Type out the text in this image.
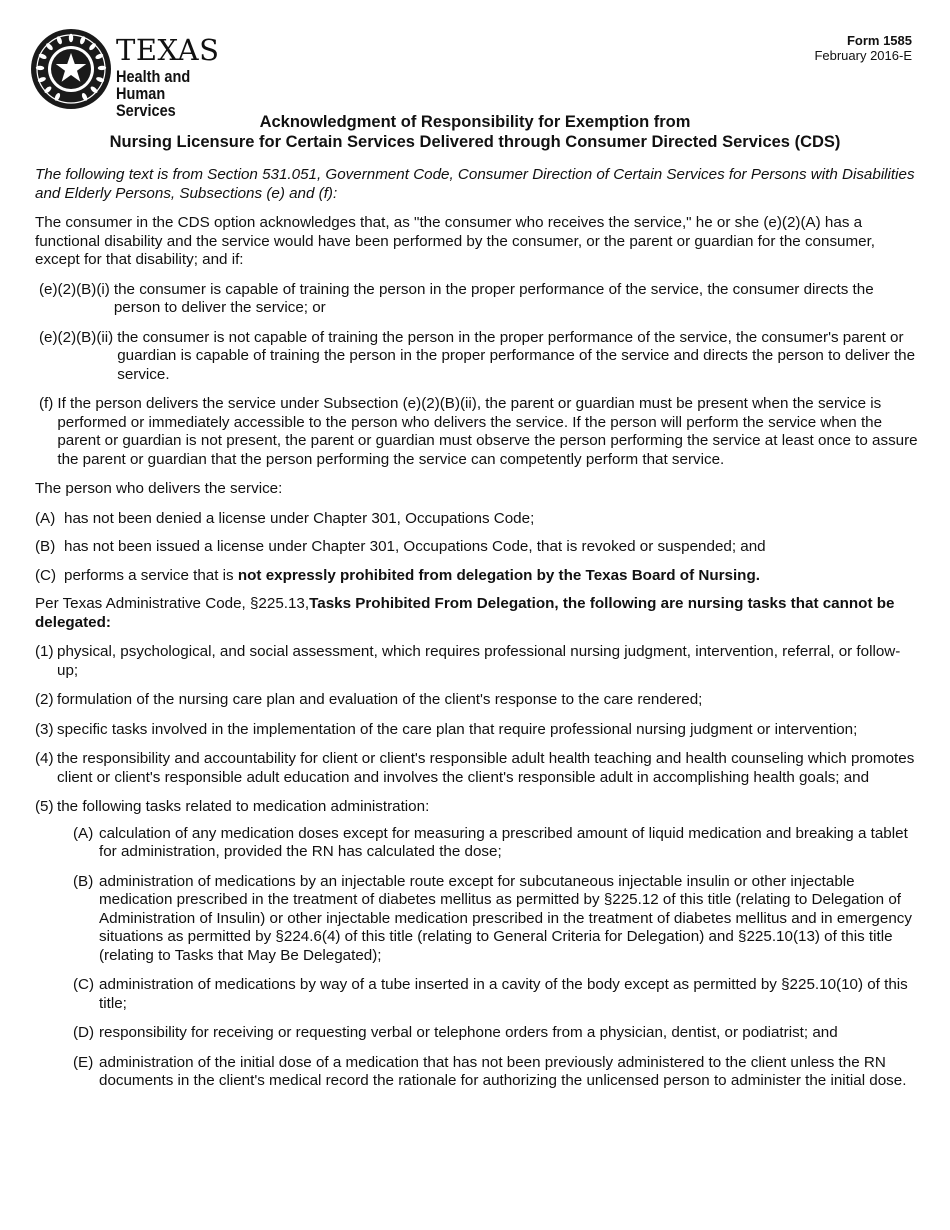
TEXAS
Health and Human
Services
Form 1585
February 2016-E
Acknowledgment of Responsibility for Exemption from
Nursing Licensure for Certain Services Delivered through Consumer Directed Services (CDS)

The following text is from Section 531.051, Government Code, Consumer Direction of Certain Services for Persons with Disabilities and Elderly Persons, Subsections (e) and (f):

The consumer in the CDS option acknowledges that, as "the consumer who receives the service," he or she (e)(2)(A) has a functional disability and the service would have been performed by the consumer, or the parent or guardian for the consumer, except for that disability; and if:

(e)(2)(B)(i) the consumer is capable of training the person in the proper performance of the service, the consumer directs the person to deliver the service; or
(e)(2)(B)(ii) the consumer is not capable of training the person in the proper performance of the service, the consumer's parent or guardian is capable of training the person in the proper performance of the service and directs the person to deliver the service.
(f) If the person delivers the service under Subsection (e)(2)(B)(ii), the parent or guardian must be present when the service is performed or immediately accessible to the person who delivers the service. If the person will perform the service when the parent or guardian is not present, the parent or guardian must observe the person performing the service at least once to assure the parent or guardian that the person performing the service can competently perform that service.

The person who delivers the service:

(A) has not been denied a license under Chapter 301, Occupations Code;
(B) has not been issued a license under Chapter 301, Occupations Code, that is revoked or suspended; and
(C) performs a service that is not expressly prohibited from delegation by the Texas Board of Nursing.

Per Texas Administrative Code, §225.13,Tasks Prohibited From Delegation, the following are nursing tasks that cannot be delegated:

(1) physical, psychological, and social assessment, which requires professional nursing judgment, intervention, referral, or follow-up;
(2) formulation of the nursing care plan and evaluation of the client's response to the care rendered;
(3) specific tasks involved in the implementation of the care plan that require professional nursing judgment or intervention;
(4) the responsibility and accountability for client or client's responsible adult health teaching and health counseling which promotes client or client's responsible adult education and involves the client's responsible adult in accomplishing health goals; and
(5) the following tasks related to medication administration:
(A) calculation of any medication doses except for measuring a prescribed amount of liquid medication and breaking a tablet for administration, provided the RN has calculated the dose;
(B) administration of medications by an injectable route except for subcutaneous injectable insulin or other injectable medication prescribed in the treatment of diabetes mellitus as permitted by §225.12 of this title (relating to Delegation of Administration of Insulin) or other injectable medication prescribed in the treatment of diabetes mellitus and in emergency situations as permitted by §224.6(4) of this title (relating to General Criteria for Delegation) and §225.10(13) of this title (relating to Tasks that May Be Delegated);
(C) administration of medications by way of a tube inserted in a cavity of the body except as permitted by §225.10(10) of this title;
(D) responsibility for receiving or requesting verbal or telephone orders from a physician, dentist, or podiatrist; and
(E) administration of the initial dose of a medication that has not been previously administered to the client unless the RN documents in the client's medical record the rationale for authorizing the unlicensed person to administer the initial dose.
